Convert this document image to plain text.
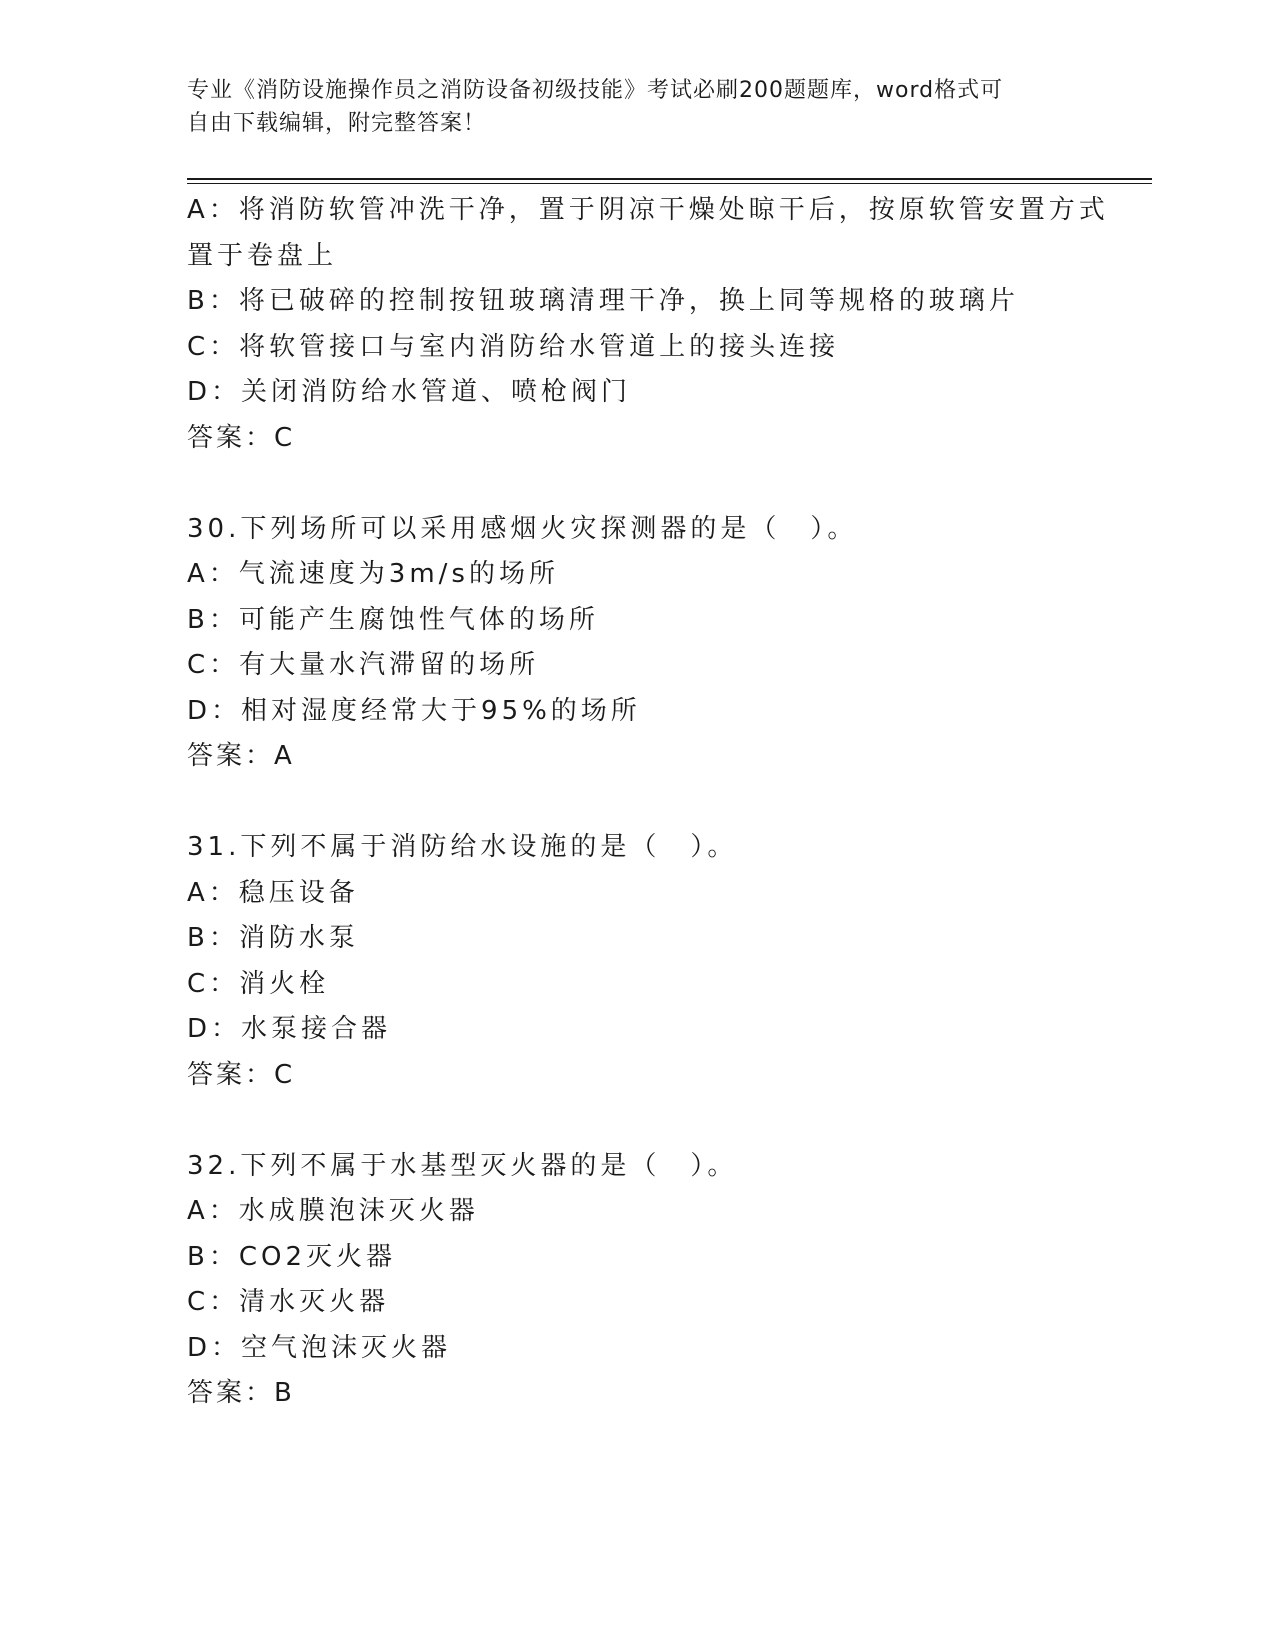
专业《消防设施操作员之消防设备初级技能》考试必刷200题题库，word格式可
自由下载编辑，附完整答案！
A：将消防软管冲洗干净，置于阴凉干燥处晾干后，按原软管安置方式
置于卷盘上
B：将已破碎的控制按钮玻璃清理干净，换上同等规格的玻璃片
C：将软管接口与室内消防给水管道上的接头连接
D：关闭消防给水管道、喷枪阀门
答案：C
30.下列场所可以采用感烟火灾探测器的是（　）。
A：气流速度为3m/s的场所
B：可能产生腐蚀性气体的场所
C：有大量水汽滞留的场所
D：相对湿度经常大于95%的场所
答案：A
31.下列不属于消防给水设施的是（　）。
A：稳压设备
B：消防水泵
C：消火栓
D：水泵接合器
答案：C
32.下列不属于水基型灭火器的是（　）。
A：水成膜泡沫灭火器
B：CO2灭火器
C：清水灭火器
D：空气泡沫灭火器
答案：B
